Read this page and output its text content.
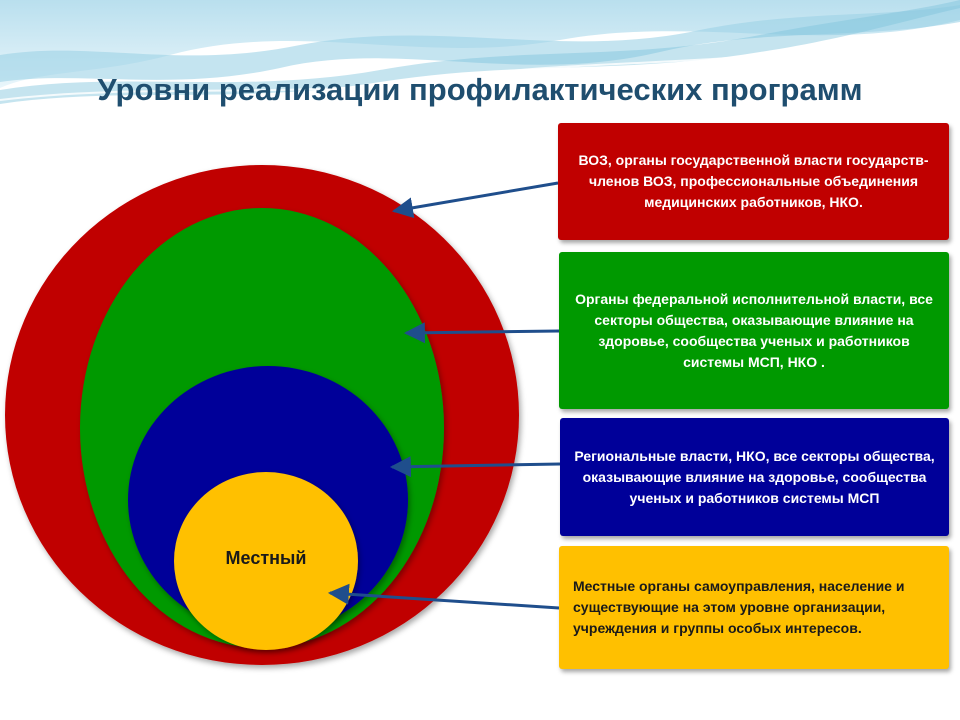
Уровни реализации профилактических программ
Местный
ВОЗ, органы государственной власти государств-членов ВОЗ, профессиональные объединения медицинских работников, НКО.
Органы федеральной исполнительной власти, все секторы общества, оказывающие влияние на здоровье, сообщества ученых и работников системы МСП, НКО .
Региональные власти, НКО, все секторы общества, оказывающие влияние на здоровье, сообщества ученых и работников системы МСП
Местные органы самоуправления, население и существующие на этом уровне организации, учреждения и группы особых интересов.
